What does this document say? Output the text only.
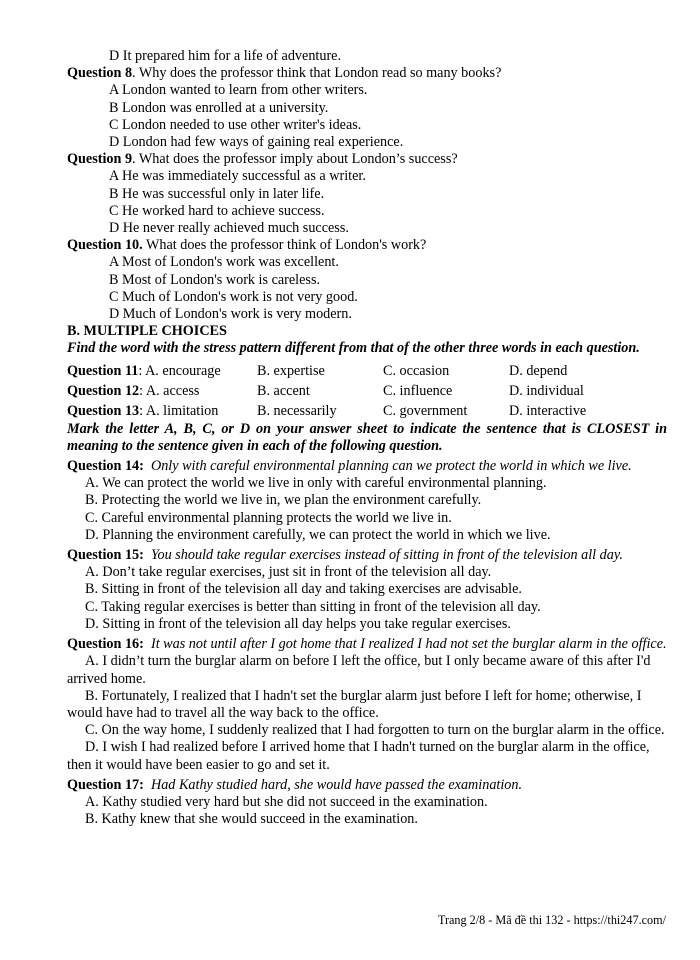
D It prepared him for a life of adventure.
Question 8. Why does the professor think that London read so many books?
A London wanted to learn from other writers.
B London was enrolled at a university.
C London needed to use other writer's ideas.
D London had few ways of gaining real experience.
Question 9. What does the professor imply about London’s success?
A He was immediately successful as a writer.
B He was successful only in later life.
C He worked hard to achieve success.
D He never really achieved much success.
Question 10. What does the professor think of London's work?
A Most of London's work was excellent.
B Most of London's work is careless.
C Much of London's work is not very good.
D Much of London's work is very modern.
B. MULTIPLE CHOICES
Find the word with the stress pattern different from that of the other three words in each question.
Question 11: A. encourage	B. expertise	C. occasion	D. depend
Question 12: A. access	B. accent	C. influence	D. individual
Question 13: A. limitation	B. necessarily	C. government	D. interactive
Mark the letter A, B, C, or D on your answer sheet to indicate the sentence that is CLOSEST in meaning to the sentence given in each of the following question.
Question 14: Only with careful environmental planning can we protect the world in which we live.
A. We can protect the world we live in only with careful environmental planning.
B. Protecting the world we live in, we plan the environment carefully.
C. Careful environmental planning protects the world we live in.
D. Planning the environment carefully, we can protect the world in which we live.
Question 15: You should take regular exercises instead of sitting in front of the television all day.
A. Don’t take regular exercises, just sit in front of the television all day.
B. Sitting in front of the television all day and taking exercises are advisable.
C. Taking regular exercises is better than sitting in front of the television all day.
D. Sitting in front of the television all day helps you take regular exercises.
Question 16: It was not until after I got home that I realized I had not set the burglar alarm in the office.
A. I didn’t turn the burglar alarm on before I left the office, but I only became aware of this after I'd arrived home.
B. Fortunately, I realized that I hadn't set the burglar alarm just before I left for home; otherwise, I would have had to travel all the way back to the office.
C. On the way home, I suddenly realized that I had forgotten to turn on the burglar alarm in the office.
D. I wish I had realized before I arrived home that I hadn't turned on the burglar alarm in the office, then it would have been easier to go and set it.
Question 17: Had Kathy studied hard, she would have passed the examination.
A. Kathy studied very hard but she did not succeed in the examination.
B. Kathy knew that she would succeed in the examination.
Trang 2/8 - Mã đề thi 132 - https://thi247.com/
